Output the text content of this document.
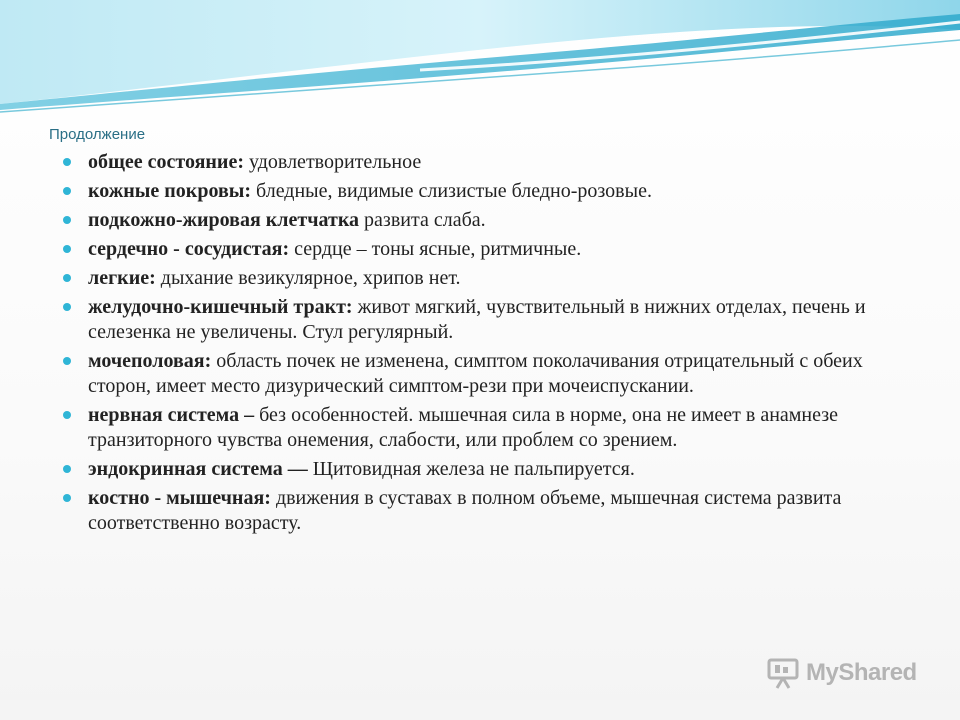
Продолжение

общее состояние: удовлетворительное
кожные покровы: бледные, видимые слизистые бледно-розовые.
подкожно-жировая клетчатка развита слаба.
сердечно - сосудистая: сердце – тоны ясные, ритмичные.
легкие: дыхание везикулярное, хрипов нет.
желудочно-кишечный тракт: живот мягкий, чувствительный в нижних отделах, печень и селезенка не увеличены. Стул регулярный.
мочеполовая: область почек не изменена, симптом поколачивания отрицательный с обеих сторон, имеет место дизурический симптом-рези при мочеиспускании.
нервная система – без особенностей. мышечная сила в норме, она не имеет в анамнезе транзиторного чувства онемения, слабости, или проблем со зрением.
эндокринная система — Щитовидная железа не пальпируется.
костно - мышечная: движения в суставах в полном объеме, мышечная система развита соответственно возрасту.
MyShared
